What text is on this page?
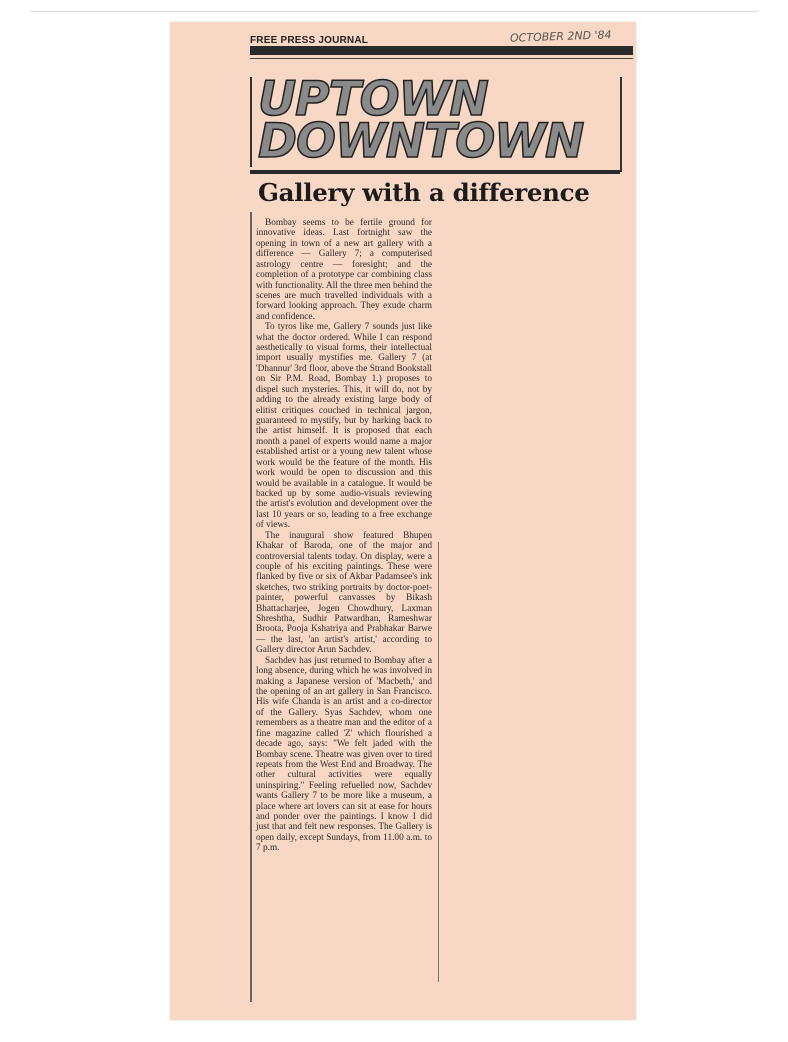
FREE PRESS JOURNAL	OCTOBER 2ND '84
UPTOWN
DOWNTOWN
Gallery with a difference

Bombay seems to be fertile ground for innovative ideas. Last fortnight saw the opening in town of a new art gallery with a difference — Gallery 7; a computerised astrology centre — foresight; and the completion of a prototype car combining class with functionality. All the three men behind the scenes are much travelled individuals with a forward looking approach. They exude charm and confidence.

To tyros like me, Gallery 7 sounds just like what the doctor ordered. While I can respond aesthetically to visual forms, their intellectual import usually mystifies me. Gallery 7 (at 'Dhannur' 3rd floor, above the Strand Bookstall on Sir P.M. Road, Bombay 1.) proposes to dispel such mysteries. This, it will do, not by adding to the already existing large body of elitist critiques couched in technical jargon, guaranteed to mystify, but by harking back to the artist himself. It is proposed that each month a panel of experts would name a major established artist or a young new talent whose work would be the feature of the month. His work would be open to discussion and this would be available in a catalogue. It would be backed up by some audio-visuals reviewing the artist's evolution and development over the last 10 years or so, leading to a free exchange of views.

The inaugural show featured Bhupen Khakar of Baroda, one of the major and controversial talents today. On display, were a couple of his exciting paintings. These were flanked by five or six of Akbar Padamsee's ink sketches, two striking portraits by doctor-poet-painter, powerful canvasses by Bikash Bhattacharjee, Jogen Chowdhury, Laxman Shreshtha, Sudhir Patwardhan, Rameshwar Broota, Pooja Kshatriya and Prabhakar Barwe — the last, 'an artist's artist,' according to Gallery director Arun Sachdev.

Sachdev has just returned to Bombay after a long absence, during which he was involved in making a Japanese version of 'Macbeth,' and the opening of an art gallery in San Francisco. His wife Chanda is an artist and a co-director of the Gallery. Syas Sachdev, whom one remembers as a theatre man and the editor of a fine magazine called 'Z' which flourished a decade ago, says: "We felt jaded with the Bombay scene. Theatre was given over to tired repeats from the West End and Broadway. The other cultural activities were equally uninspiring." Feeling refuelled now, Sachdev wants Gallery 7 to be more like a museum, a place where art lovers can sit at ease for hours and ponder over the paintings. I know I did just that and felt new responses. The Gallery is open daily, except Sundays, from 11.00 a.m. to 7 p.m.
